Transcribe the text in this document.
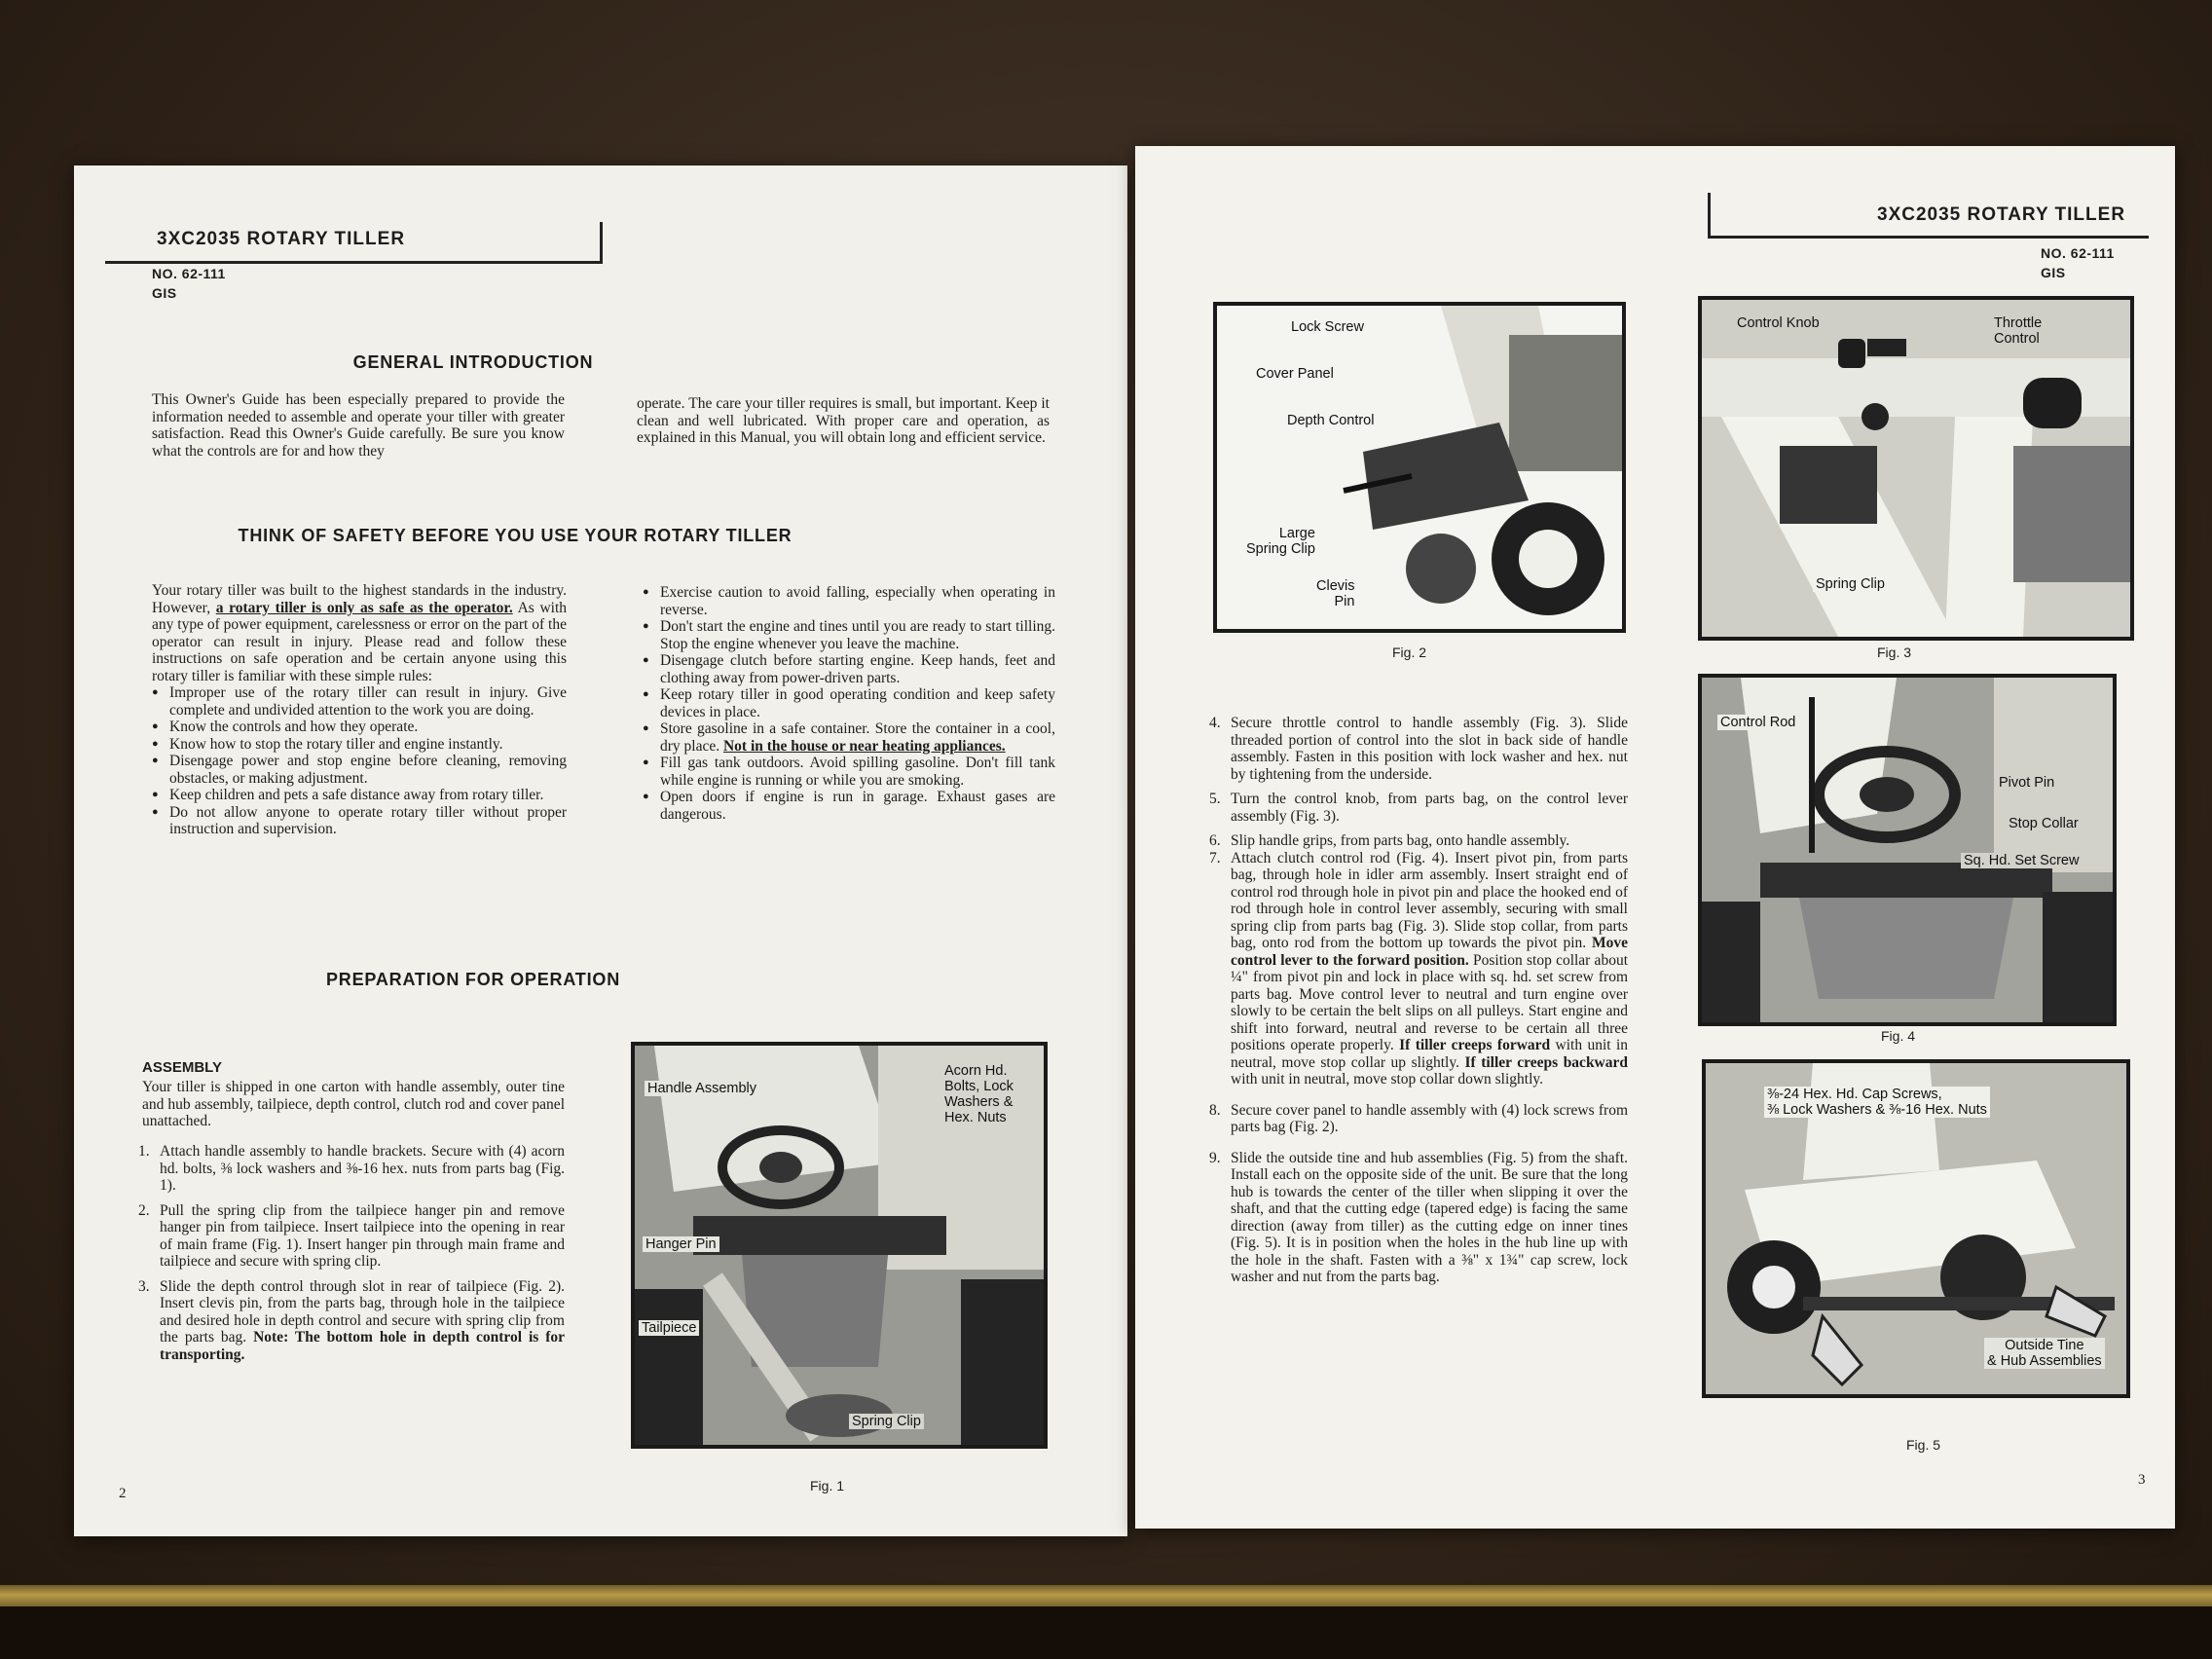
3XC2035 ROTARY TILLER
NO. 62-111
GIS
GENERAL INTRODUCTION
This Owner's Guide has been especially prepared to provide the information needed to assemble and operate your tiller with greater satisfaction. Read this Owner's Guide carefully. Be sure you know what the controls are for and how they
operate. The care your tiller requires is small, but important. Keep it clean and well lubricated. With proper care and operation, as explained in this Manual, you will obtain long and efficient service.
THINK OF SAFETY BEFORE YOU USE YOUR ROTARY TILLER
Your rotary tiller was built to the highest standards in the industry. However, a rotary tiller is only as safe as the operator. As with any type of power equipment, carelessness or error on the part of the operator can result in injury. Please read and follow these instructions on safe operation and be certain anyone using this rotary tiller is familiar with these simple rules:
● Improper use of the rotary tiller can result in injury. Give complete and undivided attention to the work you are doing.
● Know the controls and how they operate.
● Know how to stop the rotary tiller and engine instantly.
● Disengage power and stop engine before cleaning, removing obstacles, or making adjustment.
● Keep children and pets a safe distance away from rotary tiller.
● Do not allow anyone to operate rotary tiller without proper instruction and supervision.
● Exercise caution to avoid falling, especially when operating in reverse.
● Don't start the engine and tines until you are ready to start tilling. Stop the engine whenever you leave the machine.
● Disengage clutch before starting engine. Keep hands, feet and clothing away from power-driven parts.
● Keep rotary tiller in good operating condition and keep safety devices in place.
● Store gasoline in a safe container. Store the container in a cool, dry place. Not in the house or near heating appliances.
● Fill gas tank outdoors. Avoid spilling gasoline. Don't fill tank while engine is running or while you are smoking.
● Open doors if engine is run in garage. Exhaust gases are dangerous.
PREPARATION FOR OPERATION
ASSEMBLY
Your tiller is shipped in one carton with handle assembly, outer tine and hub assembly, tailpiece, depth control, clutch rod and cover panel unattached.
1. Attach handle assembly to handle brackets. Secure with (4) acorn hd. bolts, ⅜ lock washers and ⅜-16 hex. nuts from parts bag (Fig. 1).
2. Pull the spring clip from the tailpiece hanger pin and remove hanger pin from tailpiece. Insert tailpiece into the opening in rear of main frame (Fig. 1). Insert hanger pin through main frame and tailpiece and secure with spring clip.
3. Slide the depth control through slot in rear of tailpiece (Fig. 2). Insert clevis pin, from the parts bag, through hole in the tailpiece and desired hole in depth control and secure with spring clip from the parts bag. Note: The bottom hole in depth control is for transporting.
Handle Assembly
Acorn Hd.
Bolts, Lock
Washers &
Hex. Nuts
Hanger Pin
Tailpiece
Spring Clip
Fig. 1
2
3XC2035 ROTARY TILLER
NO. 62-111
GIS
Lock Screw
Cover Panel
Depth Control
Large
Spring Clip
Clevis
Pin
Fig. 2
Control Knob	Throttle
Control
Spring Clip
Fig. 3
4. Secure throttle control to handle assembly (Fig. 3). Slide threaded portion of control into the slot in back side of handle assembly. Fasten in this position with lock washer and hex. nut by tightening from the underside.
5. Turn the control knob, from parts bag, on the control lever assembly (Fig. 3).
6. Slip handle grips, from parts bag, onto handle assembly.
7. Attach clutch control rod (Fig. 4). Insert pivot pin, from parts bag, through hole in idler arm assembly. Insert straight end of control rod through hole in pivot pin and place the hooked end of rod through hole in control lever assembly, securing with small spring clip from parts bag (Fig. 3). Slide stop collar, from parts bag, onto rod from the bottom up towards the pivot pin. Move control lever to the forward position. Position stop collar about ¼" from pivot pin and lock in place with sq. hd. set screw from parts bag. Move control lever to neutral and turn engine over slowly to be certain the belt slips on all pulleys. Start engine and shift into forward, neutral and reverse to be certain all three positions operate properly. If tiller creeps forward with unit in neutral, move stop collar up slightly. If tiller creeps backward with unit in neutral, move stop collar down slightly.
8. Secure cover panel to handle assembly with (4) lock screws from parts bag (Fig. 2).
9. Slide the outside tine and hub assemblies (Fig. 5) from the shaft. Install each on the opposite side of the unit. Be sure that the long hub is towards the center of the tiller when slipping it over the shaft, and that the cutting edge (tapered edge) is facing the same direction (away from tiller) as the cutting edge on inner tines (Fig. 5). It is in position when the holes in the hub line up with the hole in the shaft. Fasten with a ⅜" x 1¾" cap screw, lock washer and nut from the parts bag.
Control Rod
Pivot Pin
Stop Collar
Sq. Hd. Set Screw
Fig. 4
⅜-24 Hex. Hd. Cap Screws,
⅜ Lock Washers & ⅜-16 Hex. Nuts
Outside Tine
& Hub Assemblies
Fig. 5
3
